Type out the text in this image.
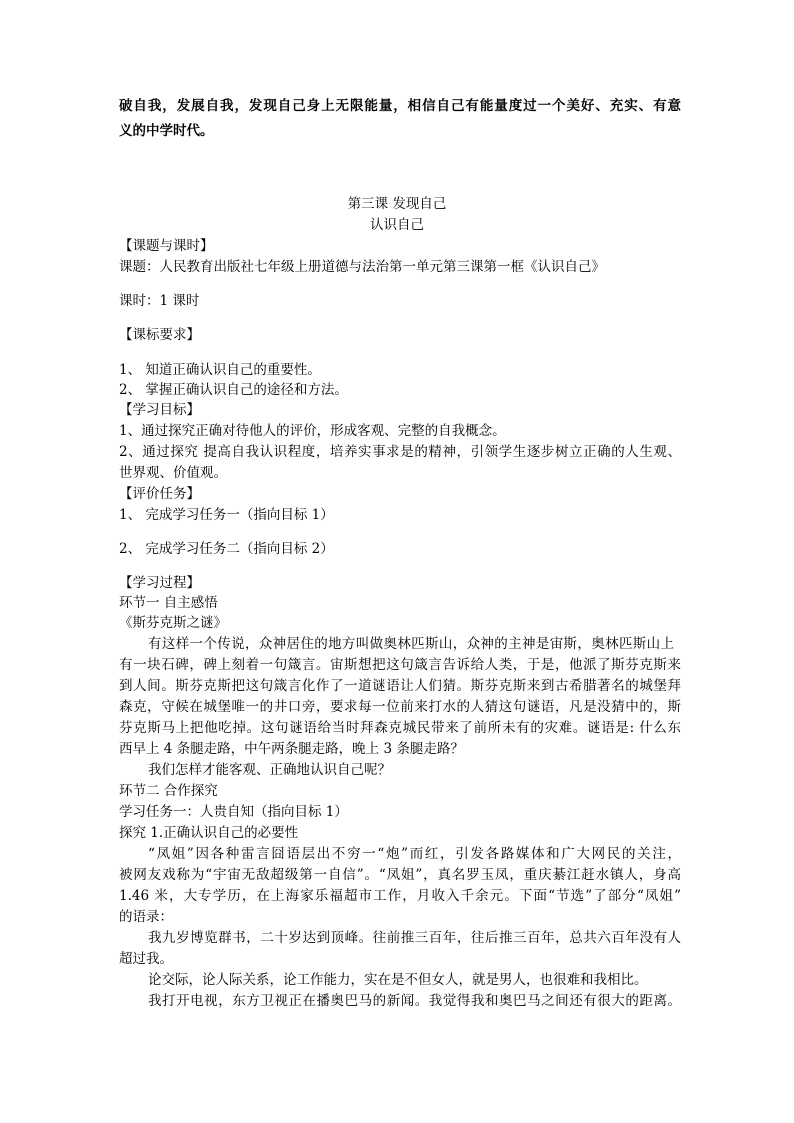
破自我，发展自我，发现自己身上无限能量，相信自己有能量度过一个美好、充实、有意
义的中学时代。
第三课 发现自己
认识自己
【课题与课时】
课题：人民教育出版社七年级上册道德与法治第一单元第三课第一框《认识自己》
课时：1 课时
【课标要求】
1、 知道正确认识自己的重要性。
2、 掌握正确认识自己的途径和方法。
【学习目标】
1、通过探究正确对待他人的评价，形成客观、完整的自我概念。
2、通过探究 提高自我认识程度，培养实事求是的精神，引领学生逐步树立正确的人生观、
世界观、价值观。
【评价任务】
1、 完成学习任务一（指向目标 1）
2、 完成学习任务二（指向目标 2）
【学习过程】
环节一 自主感悟
《斯芬克斯之谜》
有这样一个传说，众神居住的地方叫做奥林匹斯山，众神的主神是宙斯，奥林匹斯山上
有一块石碑，碑上刻着一句箴言。宙斯想把这句箴言告诉给人类，于是，他派了斯芬克斯来
到人间。斯芬克斯把这句箴言化作了一道谜语让人们猜。斯芬克斯来到古希腊著名的城堡拜
森克，守候在城堡唯一的井口旁，要求每一位前来打水的人猜这句谜语，凡是没猜中的，斯
芬克斯马上把他吃掉。这句谜语给当时拜森克城民带来了前所未有的灾难。谜语是: 什么东
西早上 4 条腿走路，中午两条腿走路，晚上 3 条腿走路？
我们怎样才能客观、正确地认识自己呢？
环节二 合作探究
学习任务一：人贵自知（指向目标 1）
探究 1.正确认识自己的必要性
“凤姐”因各种雷言囧语层出不穷一“炮”而红，引发各路媒体和广大网民的关注，
被网友戏称为“宇宙无敌超级第一自信”。“凤姐”，真名罗玉凤，重庆綦江赶水镇人，身高
1.46 米，大专学历，在上海家乐福超市工作，月收入千余元。下面“节选”了部分“凤姐”
的语录：
我九岁博览群书，二十岁达到顶峰。往前推三百年，往后推三百年，总共六百年没有人
超过我。
论交际，论人际关系，论工作能力，实在是不但女人，就是男人，也很难和我相比。
我打开电视，东方卫视正在播奥巴马的新闻。我觉得我和奥巴马之间还有很大的距离。
